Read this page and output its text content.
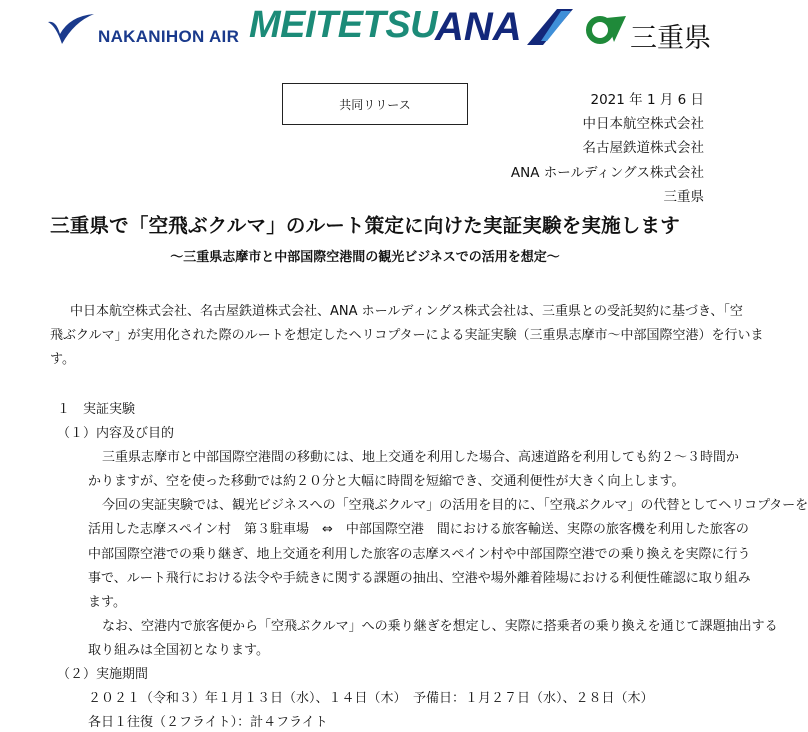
NAKANIHON AIR MEITETSU
ANA	三重県
共同リリース	2021 年 1 月 6 日
中日本航空株式会社
名古屋鉄道株式会社
ANA ホールディングス株式会社
三重県
三重県で「空飛ぶクルマ」のルート策定に向けた実証実験を実施します
～三重県志摩市と中部国際空港間の観光ビジネスでの活用を想定～
中日本航空株式会社、名古屋鉄道株式会社、ANA ホールディングス株式会社は、三重県との受託契約に基づき、「空
飛ぶクルマ」が実用化された際のルートを想定したヘリコプターによる実証実験（三重県志摩市～中部国際空港）を行いま
す。
１　実証実験
（１）内容及び目的
三重県志摩市と中部国際空港間の移動には、地上交通を利用した場合、高速道路を利用しても約２～３時間か
かりますが、空を使った移動では約２０分と大幅に時間を短縮でき、交通利便性が大きく向上します。
今回の実証実験では、観光ビジネスへの「空飛ぶクルマ」の活用を目的に、「空飛ぶクルマ」の代替としてヘリコプターを
活用した志摩スペイン村　第３駐車場　⇔　中部国際空港　間における旅客輸送、実際の旅客機を利用した旅客の
中部国際空港での乗り継ぎ、地上交通を利用した旅客の志摩スペイン村や中部国際空港での乗り換えを実際に行う
事で、ルート飛行における法令や手続きに関する課題の抽出、空港や場外離着陸場における利便性確認に取り組み
ます。
なお、空港内で旅客便から「空飛ぶクルマ」への乗り継ぎを想定し、実際に搭乗者の乗り換えを通じて課題抽出する
取り組みは全国初となります。
（２）実施期間
２０２１（令和３）年１月１３日（水）、１４日（木）　予備日：１月２７日（水）、２８日（木）
各日１往復（２フライト）：計４フライト
